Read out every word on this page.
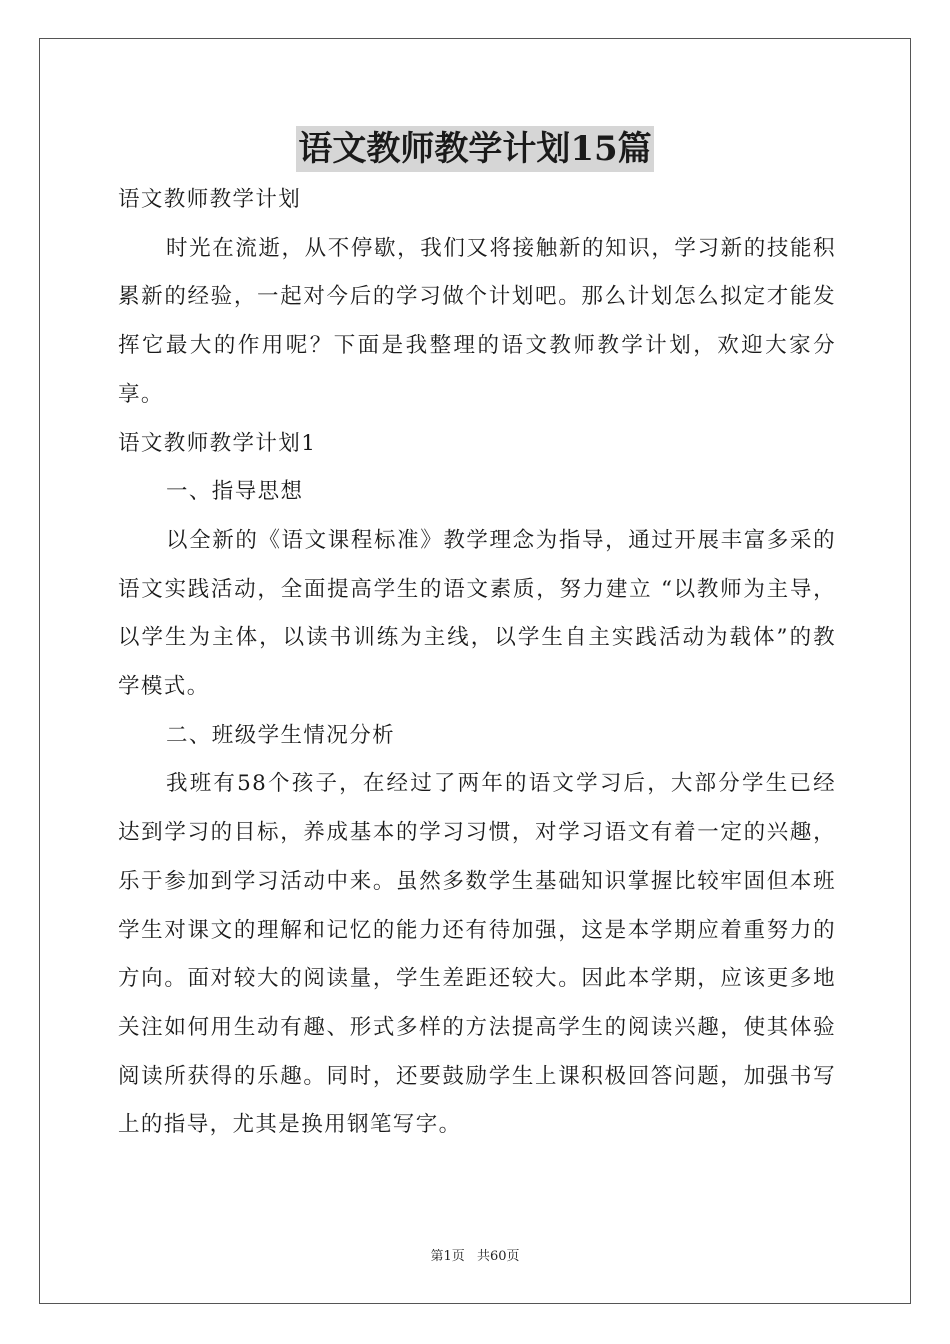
语文教师教学计划15篇

语文教师教学计划

时光在流逝，从不停歇，我们又将接触新的知识，学习新的技能积累新的经验，一起对今后的学习做个计划吧。那么计划怎么拟定才能发挥它最大的作用呢？下面是我整理的语文教师教学计划，欢迎大家分享。

语文教师教学计划1

一、指导思想

以全新的《语文课程标准》教学理念为指导，通过开展丰富多采的语文实践活动，全面提高学生的语文素质，努力建立 “以教师为主导，以学生为主体，以读书训练为主线，以学生自主实践活动为载体”的教学模式。

二、班级学生情况分析

我班有58个孩子，在经过了两年的语文学习后，大部分学生已经达到学习的目标，养成基本的学习习惯，对学习语文有着一定的兴趣，乐于参加到学习活动中来。虽然多数学生基础知识掌握比较牢固但本班学生对课文的理解和记忆的能力还有待加强，这是本学期应着重努力的方向。面对较大的阅读量，学生差距还较大。因此本学期，应该更多地关注如何用生动有趣、形式多样的方法提高学生的阅读兴趣，使其体验阅读所获得的乐趣。同时，还要鼓励学生上课积极回答问题，加强书写上的指导，尤其是换用钢笔写字。

第1页 共60页
